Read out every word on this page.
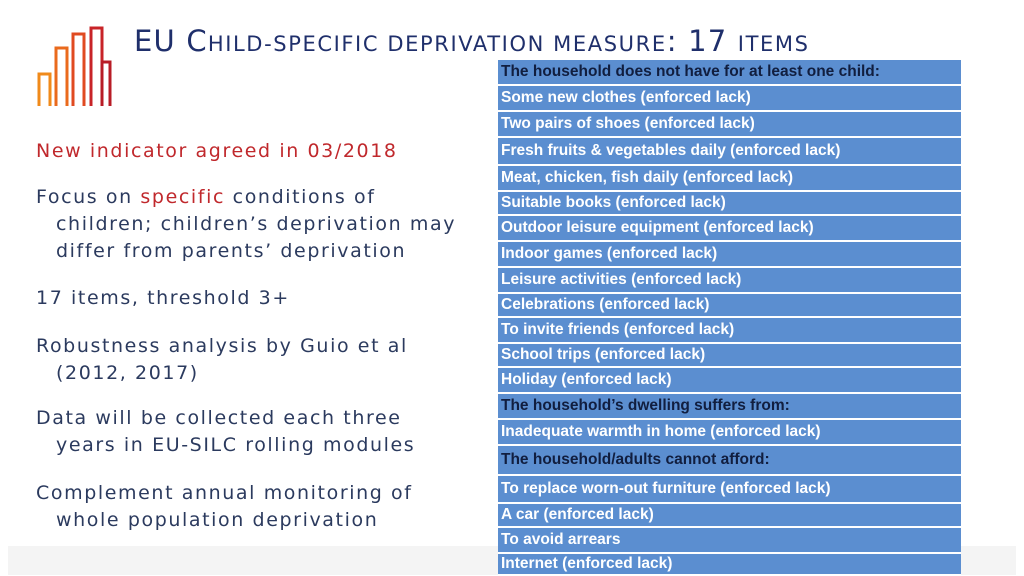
EU CHILD-SPECIFIC DEPRIVATION MEASURE: 17 ITEMS

New indicator agreed in 03/2018

Focus on specific conditions of
children; children’s deprivation may
differ from parents’ deprivation

17 items, threshold 3+

Robustness analysis by Guio et al
(2012, 2017)

Data will be collected each three
years in EU-SILC rolling modules

Complement annual monitoring of
whole population deprivation

The household does not have for at least one child:
Some new clothes (enforced lack)
Two pairs of shoes (enforced lack)
Fresh fruits & vegetables daily (enforced lack)
Meat, chicken, fish daily (enforced lack)
Suitable books (enforced lack)
Outdoor leisure equipment (enforced lack)
Indoor games (enforced lack)
Leisure activities (enforced lack)
Celebrations (enforced lack)
To invite friends (enforced lack)
School trips (enforced lack)
Holiday (enforced lack)
The household’s dwelling suffers from:
Inadequate warmth in home (enforced lack)
The household/adults cannot afford:
To replace worn-out furniture (enforced lack)
A car (enforced lack)
To avoid arrears
Internet (enforced lack)
